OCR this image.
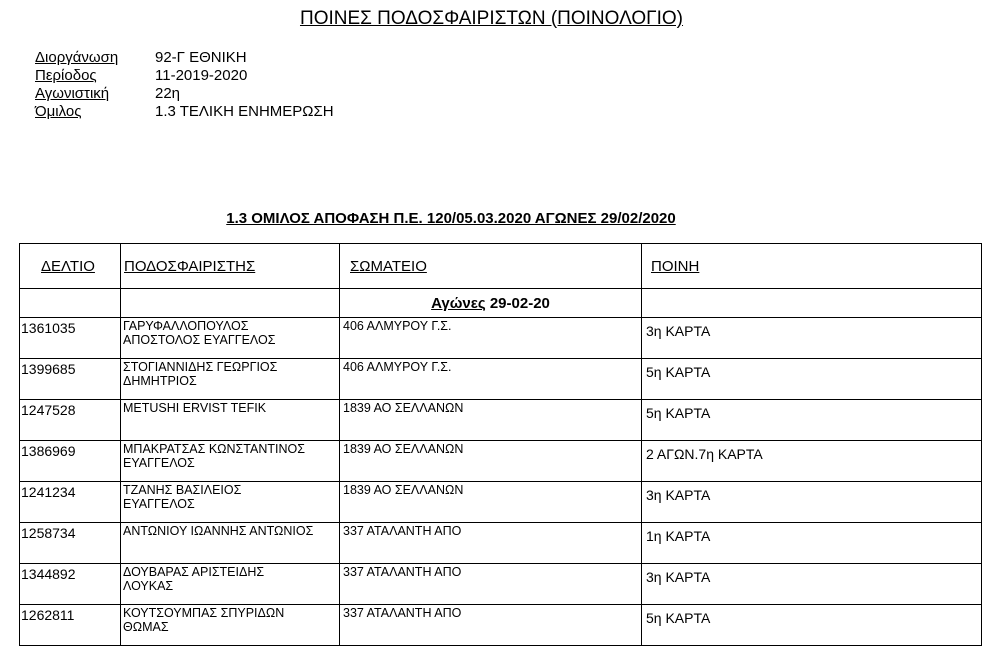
ΠΟΙΝΕΣ ΠΟΔΟΣΦΑΙΡΙΣΤΩΝ (ΠΟΙΝΟΛΟΓΙΟ)
Διοργάνωση	92-Γ ΕΘΝΙΚΗ
Περίοδος	11-2019-2020
Αγωνιστική	22η
Όμιλος	1.3 ΤΕΛΙΚΗ ΕΝΗΜΕΡΩΣΗ
1.3 ΟΜΙΛΟΣ ΑΠΟΦΑΣΗ Π.Ε. 120/05.03.2020 ΑΓΩΝΕΣ 29/02/2020
ΔΕΛΤΙΟ	ΠΟΔΟΣΦΑΙΡΙΣΤΗΣ	ΣΩΜΑΤΕΙΟ	ΠΟΙΝΗ
		Αγώνες 29-02-20	
1361035	ΓΑΡΥΦΑΛΛΟΠΟΥΛΟΣ
ΑΠΟΣΤΟΛΟΣ ΕΥΑΓΓΕΛΟΣ	406 ΑΛΜΥΡΟΥ Γ.Σ.	3η ΚΑΡΤΑ
1399685	ΣΤΟΓΙΑΝΝΙΔΗΣ ΓΕΩΡΓΙΟΣ
ΔΗΜΗΤΡΙΟΣ	406 ΑΛΜΥΡΟΥ Γ.Σ.	5η ΚΑΡΤΑ
1247528	METUSHI ERVIST TEFIK	1839 ΑΟ ΣΕΛΛΑΝΩΝ	5η ΚΑΡΤΑ
1386969	ΜΠΑΚΡΑΤΣΑΣ ΚΩΝΣΤΑΝΤΙΝΟΣ
ΕΥΑΓΓΕΛΟΣ	1839 ΑΟ ΣΕΛΛΑΝΩΝ	2 ΑΓΩΝ.7η ΚΑΡΤΑ
1241234	ΤΖΑΝΗΣ ΒΑΣΙΛΕΙΟΣ
ΕΥΑΓΓΕΛΟΣ	1839 ΑΟ ΣΕΛΛΑΝΩΝ	3η ΚΑΡΤΑ
1258734	ΑΝΤΩΝΙΟΥ ΙΩΑΝΝΗΣ ΑΝΤΩΝΙΟΣ	337 ΑΤΑΛΑΝΤΗ ΑΠΟ	1η ΚΑΡΤΑ
1344892	ΔΟΥΒΑΡΑΣ ΑΡΙΣΤΕΙΔΗΣ
ΛΟΥΚΑΣ	337 ΑΤΑΛΑΝΤΗ ΑΠΟ	3η ΚΑΡΤΑ
1262811	ΚΟΥΤΣΟΥΜΠΑΣ ΣΠΥΡΙΔΩΝ
ΘΩΜΑΣ	337 ΑΤΑΛΑΝΤΗ ΑΠΟ	5η ΚΑΡΤΑ
